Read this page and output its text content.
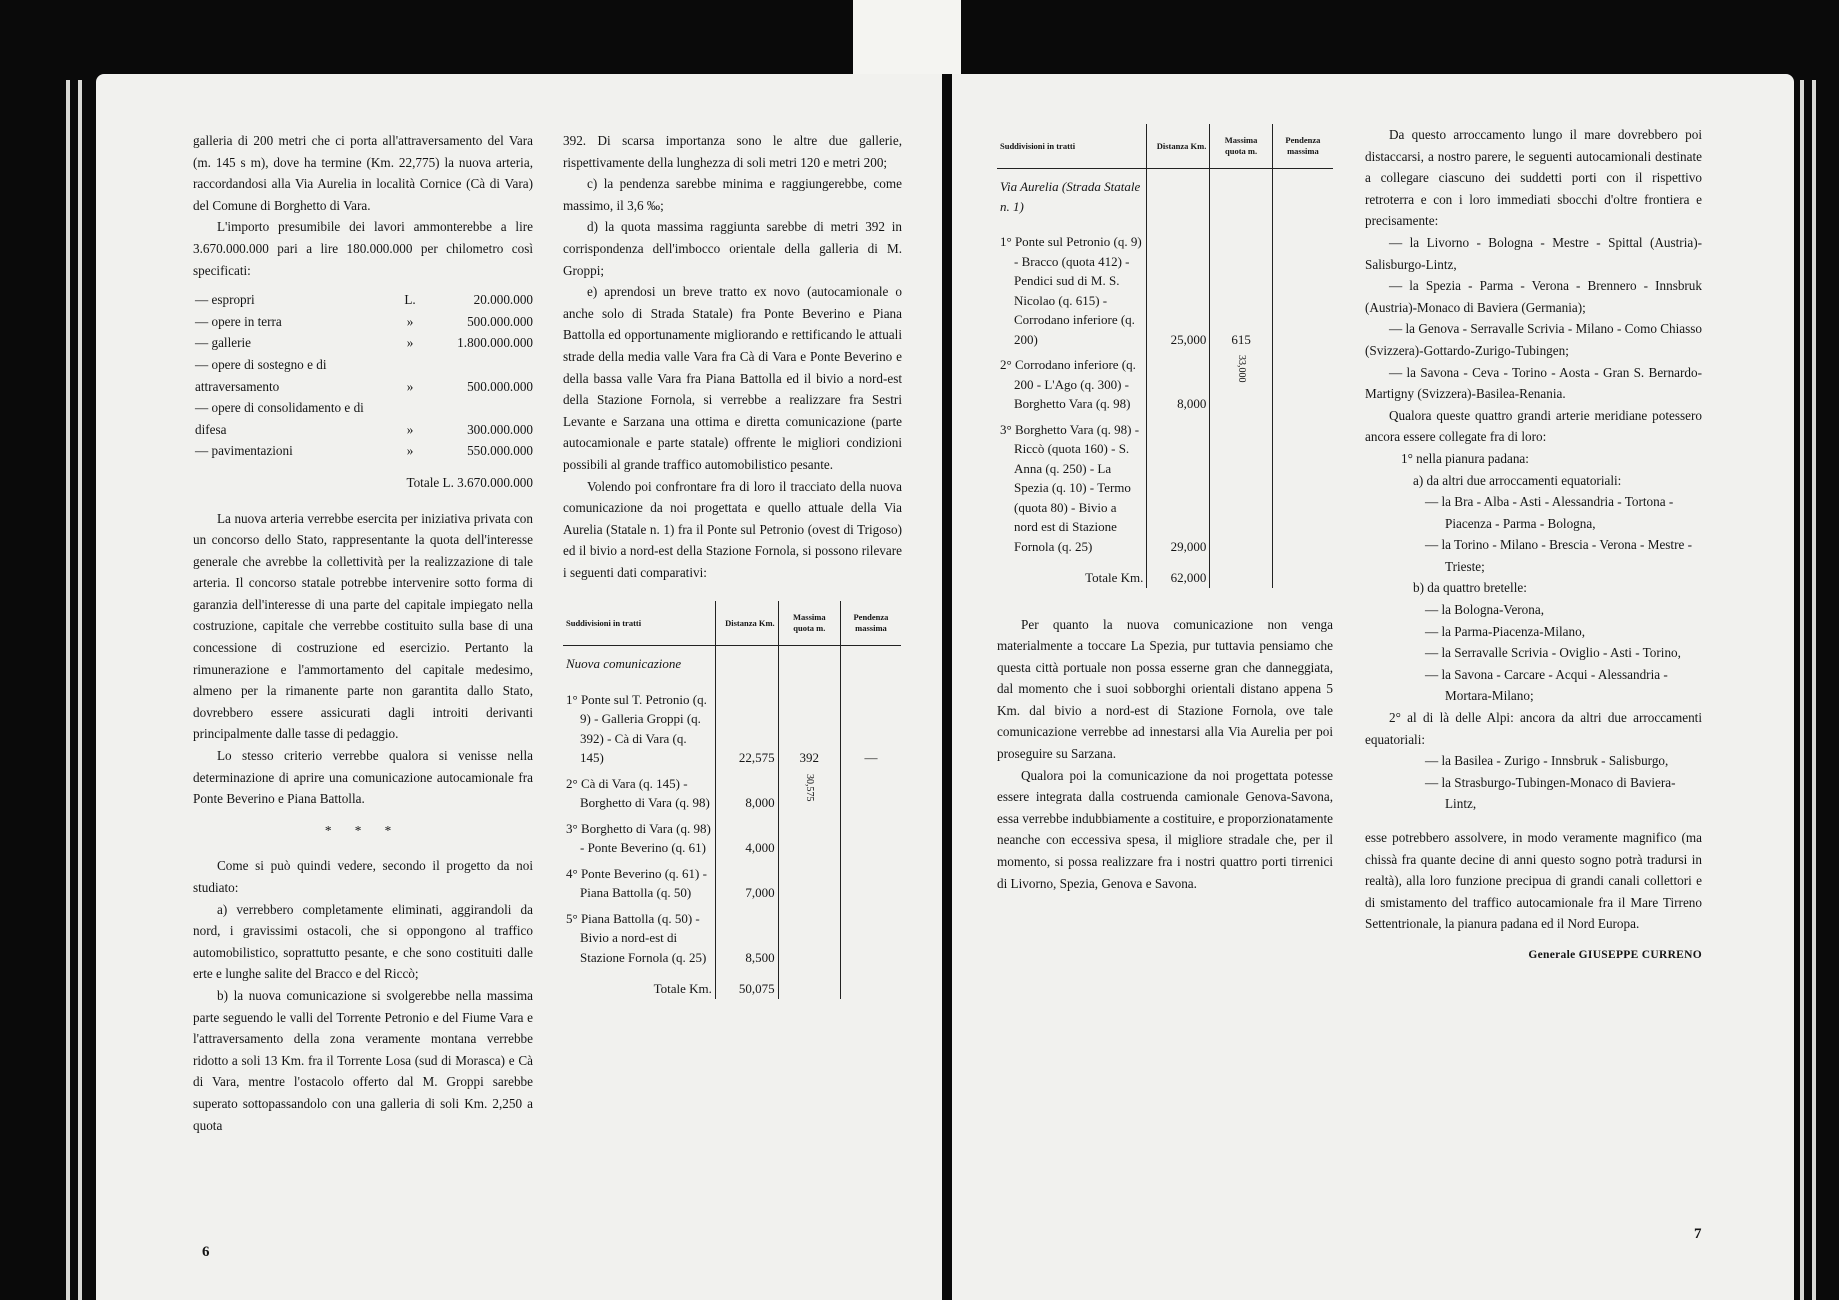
galleria di 200 metri che ci porta all'attraversamento del Vara (m. 145 s m), dove ha termine (Km. 22,775) la nuova arteria, raccordandosi alla Via Aurelia in località Cornice (Cà di Vara) del Comune di Borghetto di Vara.

L'importo presumibile dei lavori ammonterebbe a lire 3.670.000.000 pari a lire 180.000.000 per chilometro così specificati:

— espropri	L.	20.000.000
— opere in terra	»	500.000.000
— gallerie	»	1.800.000.000
— opere di sostegno e di attraversamento	»	500.000.000
— opere di consolidamento e di difesa	»	300.000.000
— pavimentazioni	»	550.000.000
Totale L. 3.670.000.000

La nuova arteria verrebbe esercita per iniziativa privata con un concorso dello Stato, rappresentante la quota dell'interesse generale che avrebbe la collettività per la realizzazione di tale arteria. Il concorso statale potrebbe intervenire sotto forma di garanzia dell'interesse di una parte del capitale impiegato nella costruzione, capitale che verrebbe costituito sulla base di una concessione di costruzione ed esercizio. Pertanto la rimunerazione e l'ammortamento del capitale medesimo, almeno per la rimanente parte non garantita dallo Stato, dovrebbero essere assicurati dagli introiti derivanti principalmente dalle tasse di pedaggio.

Lo stesso criterio verrebbe qualora si venisse nella determinazione di aprire una comunicazione autocamionale fra Ponte Beverino e Piana Battolla.

* * *

Come si può quindi vedere, secondo il progetto da noi studiato:

a) verrebbero completamente eliminati, aggirandoli da nord, i gravissimi ostacoli, che si oppongono al traffico automobilistico, soprattutto pesante, e che sono costituiti dalle erte e lunghe salite del Bracco e del Riccò;

b) la nuova comunicazione si svolgerebbe nella massima parte seguendo le valli del Torrente Petronio e del Fiume Vara e l'attraversamento della zona veramente montana verrebbe ridotto a soli 13 Km. fra il Torrente Losa (sud di Morasca) e Cà di Vara, mentre l'ostacolo offerto dal M. Groppi sarebbe superato sottopassandolo con una galleria di soli Km. 2,250 a quota

392. Di scarsa importanza sono le altre due gallerie, rispettivamente della lunghezza di soli metri 120 e metri 200;

c) la pendenza sarebbe minima e raggiungerebbe, come massimo, il 3,6 ‰;

d) la quota massima raggiunta sarebbe di metri 392 in corrispondenza dell'imbocco orientale della galleria di M. Groppi;

e) aprendosi un breve tratto ex novo (autocamionale o anche solo di Strada Statale) fra Ponte Beverino e Piana Battolla ed opportunamente migliorando e rettificando le attuali strade della media valle Vara fra Cà di Vara e Ponte Beverino e della bassa valle Vara fra Piana Battolla ed il bivio a nord-est della Stazione Fornola, si verrebbe a realizzare fra Sestri Levante e Sarzana una ottima e diretta comunicazione (parte autocamionale e parte statale) offrente le migliori condizioni possibili al grande traffico automobilistico pesante.

Volendo poi confrontare fra di loro il tracciato della nuova comunicazione da noi progettata e quello attuale della Via Aurelia (Statale n. 1) fra il Ponte sul Petronio (ovest di Trigoso) ed il bivio a nord-est della Stazione Fornola, si possono rilevare i seguenti dati comparativi:

Suddivisioni in tratti	Distanza Km.	Massima quota m.	Pendenza massima
Nuova comunicazione			

1° Ponte sul T. Petronio (q. 9) - Galleria Groppi (q. 392) - Cà di Vara (q. 145)	22,575	392	—

2° Cà di Vara (q. 145) - Borghetto di Vara (q. 98)	8,000	30,575	

3° Borghetto di Vara (q. 98) - Ponte Beverino (q. 61)	4,000		

4° Ponte Beverino (q. 61) - Piana Battolla (q. 50)	7,000		

5° Piana Battolla (q. 50) - Bivio a nord-est di Stazione Fornola (q. 25)	8,500		
Totale Km.	50,075		
6
Suddivisioni in tratti	Distanza Km.	Massima quota m.	Pendenza massima
Via Aurelia (Strada Statale n. 1)			

1° Ponte sul Petronio (q. 9) - Bracco (quota 412) - Pendici sud di M. S. Nicolao (q. 615) - Corrodano inferiore (q. 200)	25,000	615	

2° Corrodano inferiore (q. 200 - L'Ago (q. 300) - Borghetto Vara (q. 98)	8,000	33,000	

3° Borghetto Vara (q. 98) - Riccò (quota 160) - S. Anna (q. 250) - La Spezia (q. 10) - Termo (quota 80) - Bivio a nord est di Stazione Fornola (q. 25)	29,000		
Totale Km.	62,000		

Per quanto la nuova comunicazione non venga materialmente a toccare La Spezia, pur tuttavia pensiamo che questa città portuale non possa esserne gran che danneggiata, dal momento che i suoi sobborghi orientali distano appena 5 Km. dal bivio a nord-est di Stazione Fornola, ove tale comunicazione verrebbe ad innestarsi alla Via Aurelia per poi proseguire su Sarzana.

Qualora poi la comunicazione da noi progettata potesse essere integrata dalla costruenda camionale Genova-Savona, essa verrebbe indubbiamente a costituire, e proporzionatamente neanche con eccessiva spesa, il migliore stradale che, per il momento, si possa realizzare fra i nostri quattro porti tirrenici di Livorno, Spezia, Genova e Savona.

Da questo arroccamento lungo il mare dovrebbero poi distaccarsi, a nostro parere, le seguenti autocamionali destinate a collegare ciascuno dei suddetti porti con il rispettivo retroterra e con i loro immediati sbocchi d'oltre frontiera e precisamente:

— la Livorno - Bologna - Mestre - Spittal (Austria)-Salisburgo-Lintz,

— la Spezia - Parma - Verona - Brennero - Innsbruk (Austria)-Monaco di Baviera (Germania);

— la Genova - Serravalle Scrivia - Milano - Como Chiasso (Svizzera)-Gottardo-Zurigo-Tubingen;

— la Savona - Ceva - Torino - Aosta - Gran S. Bernardo-Martigny (Svizzera)-Basilea-Renania.

Qualora queste quattro grandi arterie meridiane potessero ancora essere collegate fra di loro:

1° nella pianura padana:

a) da altri due arroccamenti equatoriali:

— la Bra - Alba - Asti - Alessandria - Tortona - Piacenza - Parma - Bologna,
— la Torino - Milano - Brescia - Verona - Mestre - Trieste;

b) da quattro bretelle:

— la Bologna-Verona,
— la Parma-Piacenza-Milano,
— la Serravalle Scrivia - Oviglio - Asti - Torino,
— la Savona - Carcare - Acqui - Alessandria - Mortara-Milano;

2° al di là delle Alpi: ancora da altri due arroccamenti equatoriali:

— la Basilea - Zurigo - Innsbruk - Salisburgo,
— la Strasburgo-Tubingen-Monaco di Baviera-Lintz,

esse potrebbero assolvere, in modo veramente magnifico (ma chissà fra quante decine di anni questo sogno potrà tradursi in realtà), alla loro funzione precipua di grandi canali collettori e di smistamento del traffico autocamionale fra il Mare Tirreno Settentrionale, la pianura padana ed il Nord Europa.

Generale GIUSEPPE CURRENO
7
